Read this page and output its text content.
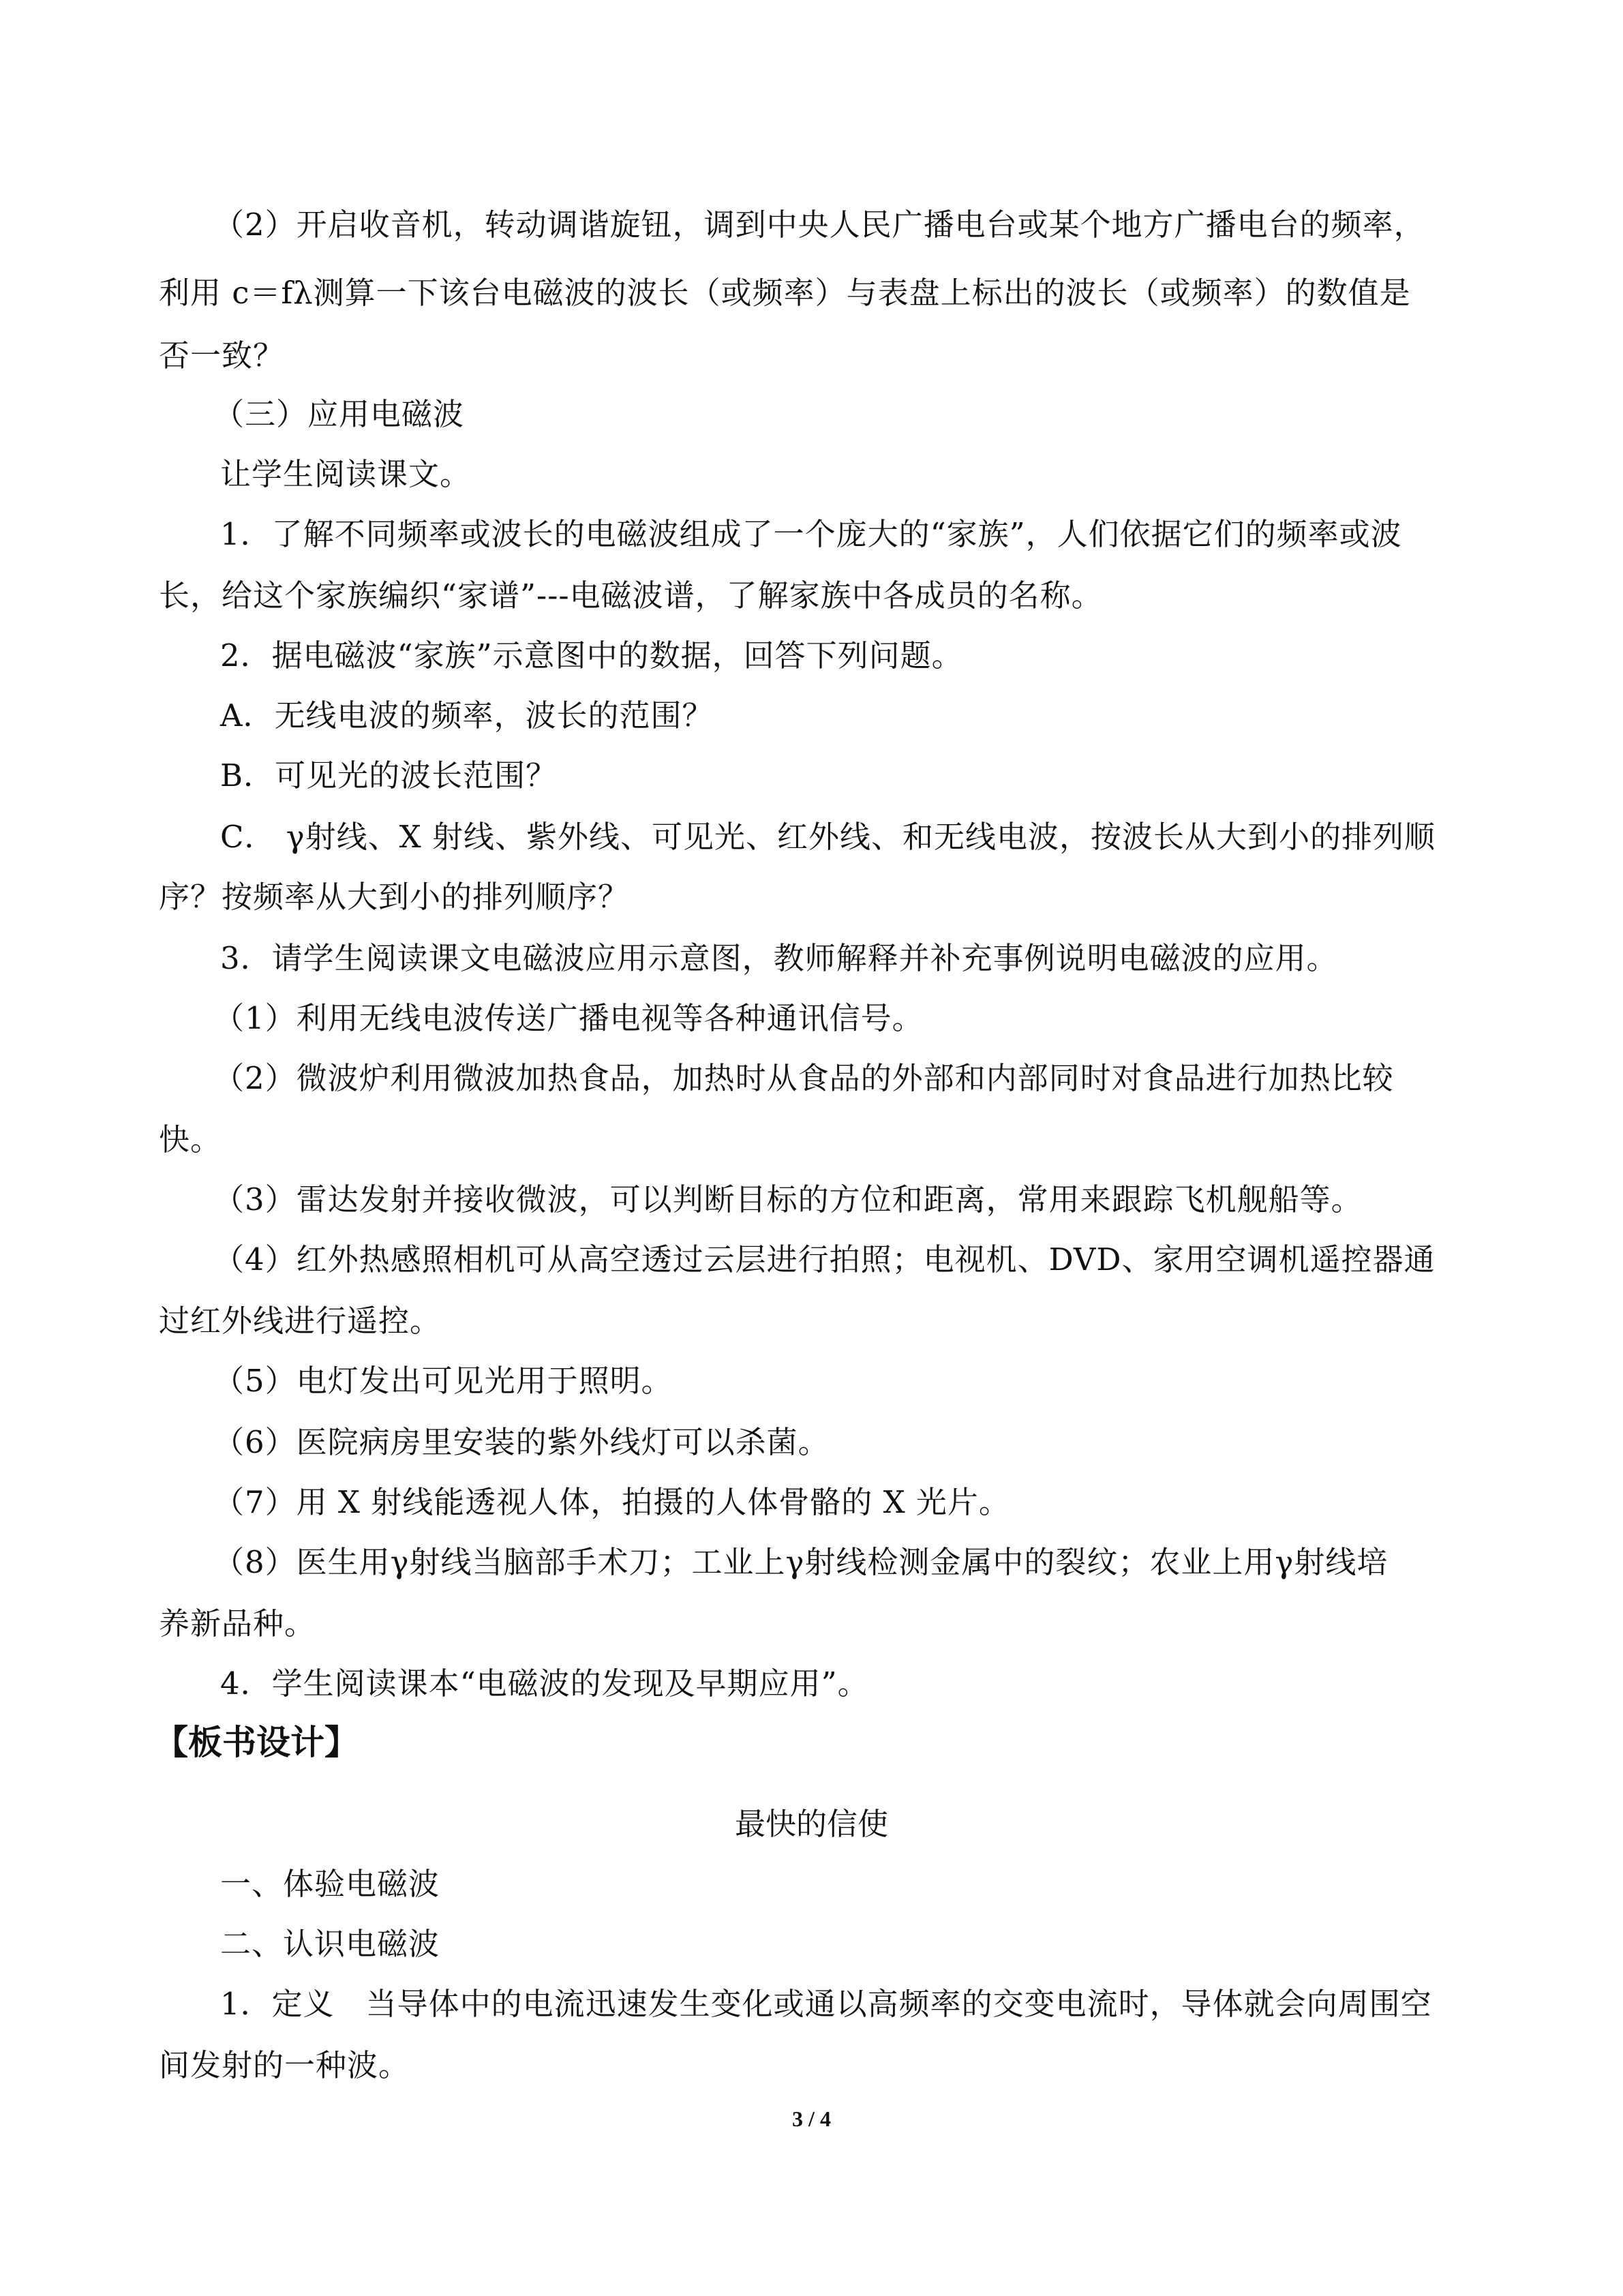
（2）开启收音机，转动调谐旋钮，调到中央人民广播电台或某个地方广播电台的频率，
利用 c＝fλ测算一下该台电磁波的波长（或频率）与表盘上标出的波长（或频率）的数值是
否一致？
（三）应用电磁波
让学生阅读课文。
1．了解不同频率或波长的电磁波组成了一个庞大的“家族”，人们依据它们的频率或波
长，给这个家族编织“家谱”---电磁波谱，了解家族中各成员的名称。
2．据电磁波“家族”示意图中的数据，回答下列问题。
A．无线电波的频率，波长的范围？
B．可见光的波长范围？
C． γ射线、X 射线、紫外线、可见光、红外线、和无线电波，按波长从大到小的排列顺
序？按频率从大到小的排列顺序？
3．请学生阅读课文电磁波应用示意图，教师解释并补充事例说明电磁波的应用。
（1）利用无线电波传送广播电视等各种通讯信号。
（2）微波炉利用微波加热食品，加热时从食品的外部和内部同时对食品进行加热比较
快。
（3）雷达发射并接收微波，可以判断目标的方位和距离，常用来跟踪飞机舰船等。
（4）红外热感照相机可从高空透过云层进行拍照；电视机、DVD、家用空调机遥控器通
过红外线进行遥控。
（5）电灯发出可见光用于照明。
（6）医院病房里安装的紫外线灯可以杀菌。
（7）用 X 射线能透视人体，拍摄的人体骨骼的 X 光片。
（8）医生用γ射线当脑部手术刀；工业上γ射线检测金属中的裂纹；农业上用γ射线培
养新品种。
4．学生阅读课本“电磁波的发现及早期应用”。
【板书设计】
最快的信使
一、体验电磁波
二、认识电磁波
1．定义　当导体中的电流迅速发生变化或通以高频率的交变电流时，导体就会向周围空
间发射的一种波。
3 / 4
